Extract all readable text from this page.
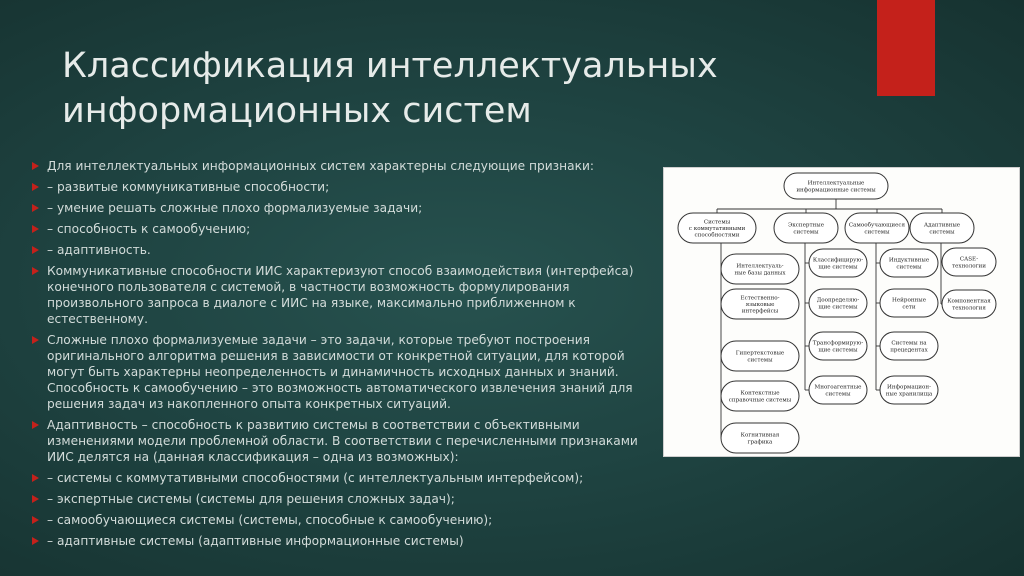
Классификация интеллектуальных
информационных систем
Для интеллектуальных информационных систем характерны следующие признаки:
– развитые коммуникативные способности;
– умение решать сложные плохо формализуемые задачи;
– способность к самообучению;
– адаптивность.
Коммуникативные способности ИИС характеризуют способ взаимодействия (интерфейса) конечного пользователя с системой, в частности возможность формулирования произвольного запроса в диалоге с ИИС на языке, максимально приближенном к естественному.
Сложные плохо формализуемые задачи – это задачи, которые требуют построения оригинального алгоритма решения в зависимости от конкретной ситуации, для которой могут быть характерны неопределенность и динамичность исходных данных и знаний. Способность к самообучению – это возможность автоматического извлечения знаний для решения задач из накопленного опыта конкретных ситуаций.
Адаптивность – способность к развитию системы в соответствии с объективными изменениями модели проблемной области. В соответствии с перечисленными признаками ИИС делятся на (данная классификация – одна из возможных):
– системы с коммутативными способностями (с интеллектуальным интерфейсом);
– экспертные системы (системы для решения сложных задач);
– самообучающиеся системы (системы, способные к самообучению);
– адаптивные системы (адаптивные информационные системы)
Интеллектуальные
информационные системы
Системы
с коммутативными
способностями
Экспертные
системы
Самообучающиеся
системы
Адаптивные
системы
Интеллектуаль-
ные базы данных
Естественно-
языковые
интерфейсы
Гипертекстовые
системы
Контекстные
справочные системы
Когнитивная
графика
Классифицирую-
щие системы
Доопределяю-
щие системы
Трансформирую-
щие системы
Многоагентные
системы
Индуктивные
системы
Нейронные
сети
Системы на
прецедентах
Информацион-
ные хранилища
CASE-
технологии
Компонентная
технология
